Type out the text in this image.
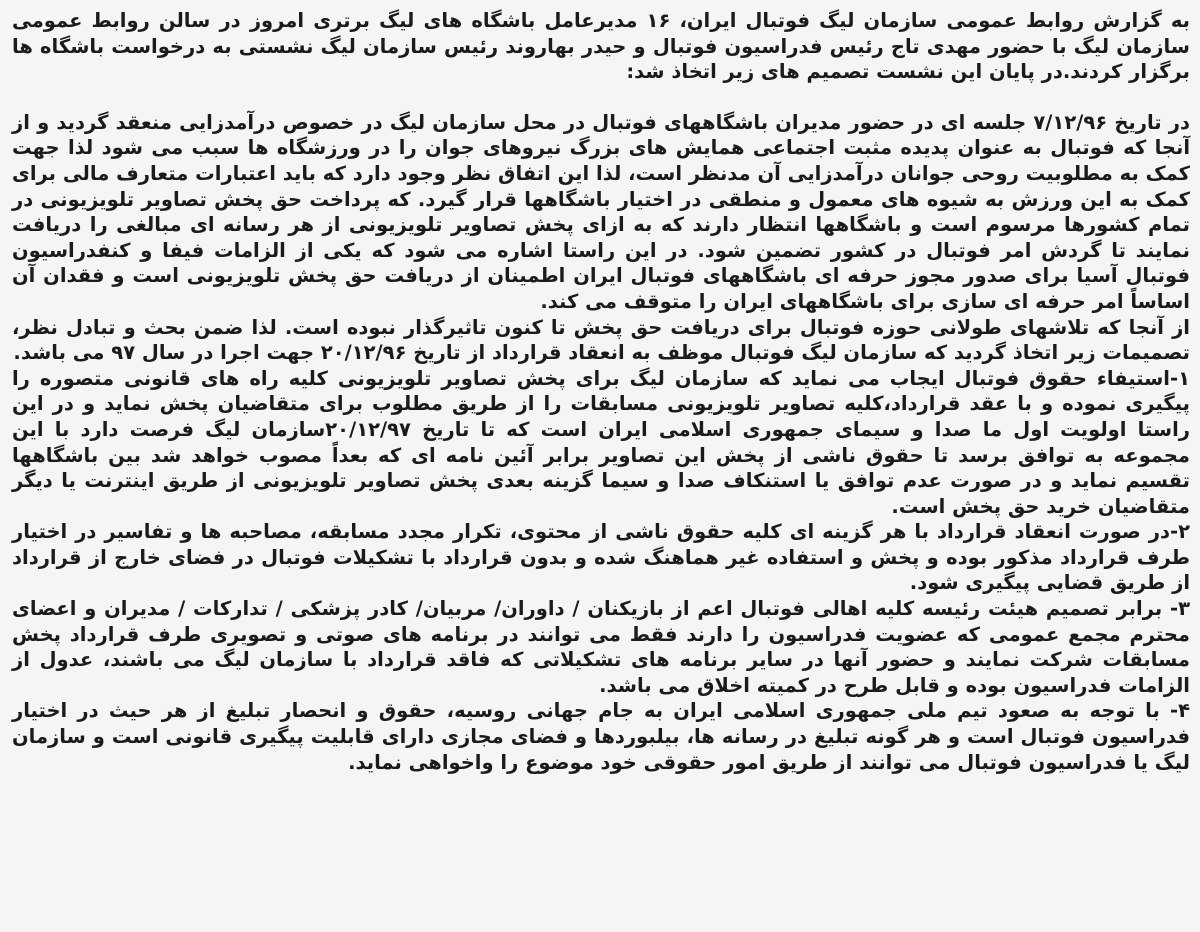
به گزارش روابط عمومی سازمان لیگ فوتبال ایران، ۱۶ مدیرعامل باشگاه های لیگ برتری امروز در سالن روابط عمومی سازمان لیگ با حضور مهدی تاج رئیس فدراسیون فوتبال و حیدر بهاروند رئیس سازمان لیگ نشستی به درخواست باشگاه ها برگزار کردند.در پایان این نشست تصمیم های زیر اتخاذ شد:

در تاریخ ۷/۱۲/۹۶ جلسه ای در حضور مدیران باشگاههای فوتبال در محل سازمان لیگ در خصوص درآمدزایی منعقد گردید و از آنجا که فوتبال به عنوان پدیده مثبت اجتماعی همایش های بزرگ نیروهای جوان را در ورزشگاه ها سبب می شود لذا جهت کمک به مطلوبیت روحی جوانان درآمدزایی آن مدنظر است، لذا این اتفاق نظر وجود دارد که باید اعتبارات متعارف مالی برای کمک به این ورزش به شیوه های معمول و منطقی در اختیار باشگاهها قرار گیرد. که پرداخت حق پخش تصاویر تلویزیونی در تمام کشورها مرسوم است و باشگاهها انتظار دارند که به ازای پخش تصاویر تلویزیونی از هر رسانه ای مبالغی را دریافت نمایند تا گردش امر فوتبال در کشور تضمین شود. در این راستا اشاره می شود که یکی از الزامات فیفا و کنفدراسیون فوتبال آسیا برای صدور مجوز حرفه ای باشگاههای فوتبال ایران اطمینان از دریافت حق پخش تلویزیونی است و فقدان آن اساساً امر حرفه ای سازی برای باشگاههای ایران را متوقف می کند.

از آنجا که تلاشهای طولانی حوزه فوتبال برای دریافت حق پخش تا کنون تاثیرگذار نبوده است. لذا ضمن بحث و تبادل نظر، تصمیمات زیر اتخاذ گردید که سازمان لیگ فوتبال موظف به انعقاد قرارداد از تاریخ ۲۰/۱۲/۹۶ جهت اجرا در سال ۹۷ می باشد.

۱-استیفاء حقوق فوتبال ایجاب می نماید که سازمان لیگ برای پخش تصاویر تلویزیونی کلیه راه های قانونی متصوره را پیگیری نموده و با عقد قرارداد،کلیه تصاویر تلویزیونی مسابقات را از طریق مطلوب برای متقاضیان پخش نماید و در این راستا اولویت اول ما صدا و سیمای جمهوری اسلامی ایران است که تا تاریخ ۲۰/۱۲/۹۷سازمان لیگ فرصت دارد با این مجموعه به توافق برسد تا حقوق ناشی از پخش این تصاویر برابر آئین نامه ای که بعداً مصوب خواهد شد بین باشگاهها تقسیم نماید و در صورت عدم توافق یا استنکاف صدا و سیما گزینه بعدی پخش تصاویر تلویزیونی از طریق اینترنت یا دیگر متقاضیان خرید حق پخش است.

۲-در صورت انعقاد قرارداد با هر گزینه ای کلیه حقوق ناشی از محتوی، تکرار مجدد مسابقه، مصاحبه ها و تفاسیر در اختیار طرف قرارداد مذکور بوده و پخش و استفاده غیر هماهنگ شده و بدون قرارداد با تشکیلات فوتبال در فضای خارج از قرارداد از طریق قضایی پیگیری شود.

۳- برابر تصمیم هیئت رئیسه کلیه اهالی فوتبال اعم از بازیکنان / داوران/ مربیان/ کادر پزشکی / تدارکات / مدیران و اعضای محترم مجمع عمومی که عضویت فدراسیون را دارند فقط می توانند در برنامه های صوتی و تصویری طرف قرارداد پخش مسابقات شرکت نمایند و حضور آنها در سایر برنامه های تشکیلاتی که فاقد قرارداد با سازمان لیگ می باشند، عدول از الزامات فدراسیون بوده و قابل طرح در کمیته اخلاق می باشد.

۴- با توجه به صعود تیم ملی جمهوری اسلامی ایران به جام جهانی روسیه، حقوق و انحصار تبلیغ از هر حیث در اختیار فدراسیون فوتبال است و هر گونه تبلیغ در رسانه ها، بیلبوردها و فضای مجازی دارای قابلیت پیگیری قانونی است و سازمان لیگ یا فدراسیون فوتبال می توانند از طریق امور حقوقی خود موضوع را واخواهی نماید.
